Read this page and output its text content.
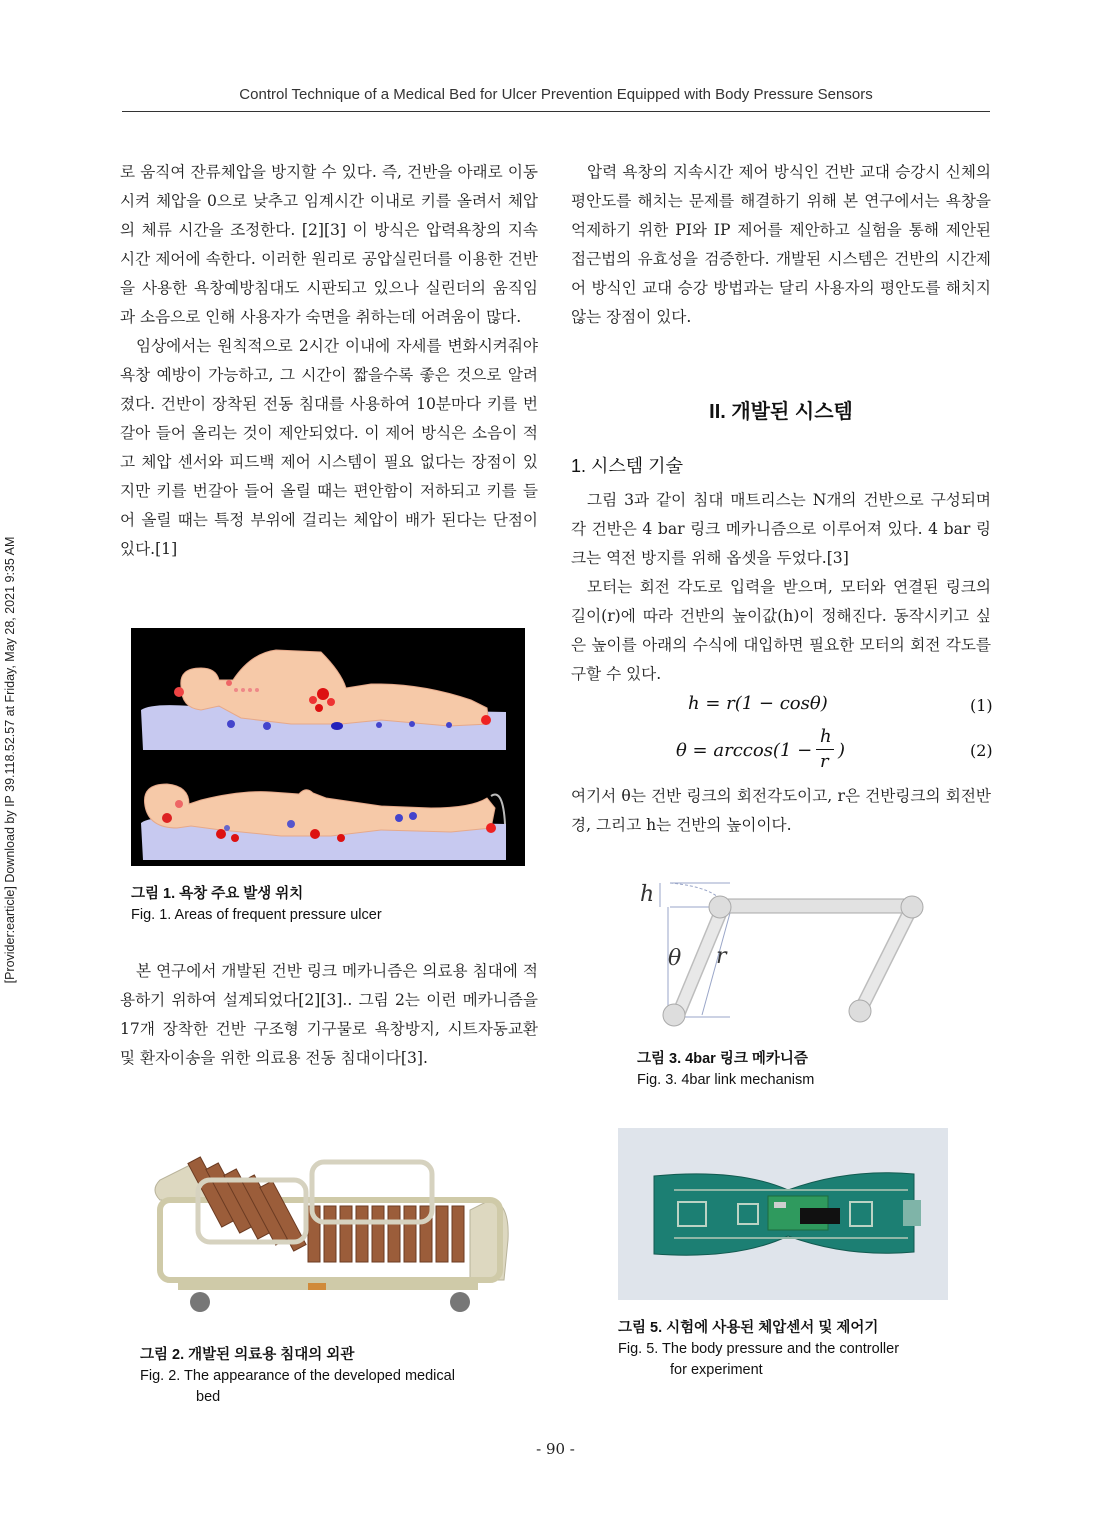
Control Technique of a Medical Bed for Ulcer Prevention Equipped with Body Pressure Sensors
[Provider:earticle] Download by IP 39.118.52.57 at Friday, May 28, 2021 9:35 AM

로 움직여 잔류체압을 방지할 수 있다. 즉, 건반을 아래로 이동시켜 체압을 0으로 낮추고 임계시간 이내로 키를 올려서 체압의 체류 시간을 조정한다. [2][3] 이 방식은 압력욕창의 지속시간 제어에 속한다. 이러한 원리로 공압실린더를 이용한 건반을 사용한 욕창예방침대도 시판되고 있으나 실린더의 움직임과 소음으로 인해 사용자가 숙면을 취하는데 어려움이 많다.

임상에서는 원칙적으로 2시간 이내에 자세를 변화시켜줘야 욕창 예방이 가능하고, 그 시간이 짧을수록 좋은 것으로 알려졌다. 건반이 장착된 전동 침대를 사용하여 10분마다 키를 번갈아 들어 올리는 것이 제안되었다. 이 제어 방식은 소음이 적고 체압 센서와 피드백 제어 시스템이 필요 없다는 장점이 있지만 키를 번갈아 들어 올릴 때는 편안함이 저하되고 키를 들어 올릴 때는 특정 부위에 걸리는 체압이 배가 된다는 단점이 있다.[1]

그림 1. 욕창 주요 발생 위치
Fig. 1. Areas of frequent pressure ulcer

본 연구에서 개발된 건반 링크 메카니즘은 의료용 침대에 적용하기 위하여 설계되었다[2][3].. 그림 2는 이런 메카니즘을 17개 장착한 건반 구조형 기구물로 욕창방지, 시트자동교환 및 환자이송을 위한 의료용 전동 침대이다[3].

그림 2. 개발된 의료용 침대의 외관
Fig. 2. The appearance of the developed medical
bed

압력 욕창의 지속시간 제어 방식인 건반 교대 승강시 신체의 평안도를 해치는 문제를 해결하기 위해 본 연구에서는 욕창을 억제하기 위한 PI와 IP 제어를 제안하고 실험을 통해 제안된 접근법의 유효성을 검증한다. 개발된 시스템은 건반의 시간제어 방식인 교대 승강 방법과는 달리 사용자의 평안도를 해치지 않는 장점이 있다.

II. 개발된 시스템
1. 시스템 기술

그림 3과 같이 침대 매트리스는 N개의 건반으로 구성되며 각 건반은 4 bar 링크 메카니즘으로 이루어져 있다. 4 bar 링크는 역전 방지를 위해 옵셋을 두었다.[3]

모터는 회전 각도로 입력을 받으며, 모터와 연결된 링크의 길이(r)에 따라 건반의 높이값(h)이 정해진다. 동작시키고 싶은 높이를 아래의 수식에 대입하면 필요한 모터의 회전 각도를 구할 수 있다.

h = r(1 − cosθ)	(1)
θ = arccos(1 −
h
r
)	(2)

여기서 θ는 건반 링크의 회전각도이고, r은 건반링크의 회전반경, 그리고 h는 건반의 높이이다.

h
θ r
그림 3. 4bar 링크 메카니즘
Fig. 3. 4bar link mechanism
그림 5. 시험에 사용된 체압센서 및 제어기
Fig. 5. The body pressure and the controller
for experiment
- 90 -
